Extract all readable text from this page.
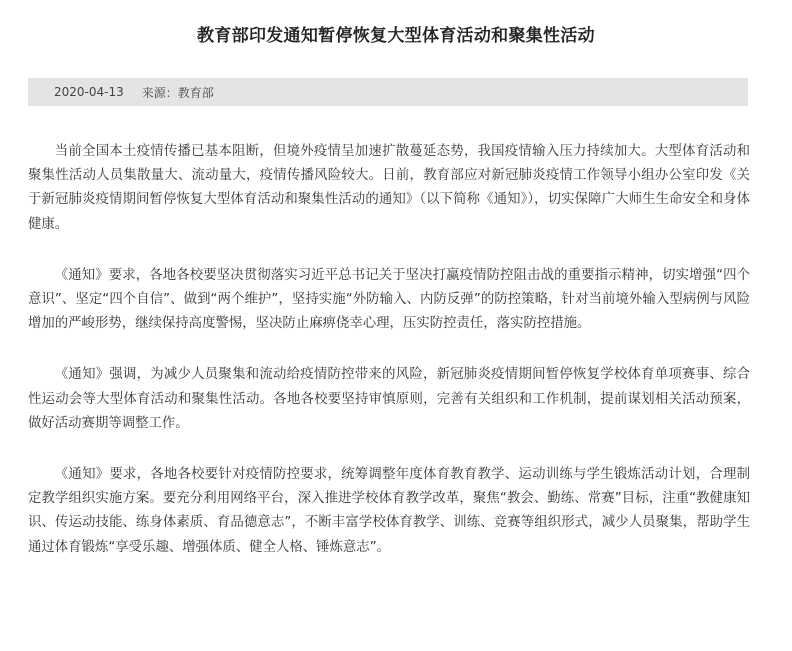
教育部印发通知暂停恢复大型体育活动和聚集性活动
2020-04-13 来源：教育部

当前全国本土疫情传播已基本阻断，但境外疫情呈加速扩散蔓延态势，我国疫情输入压力持续加大。大型体育活动和聚集性活动人员集散量大、流动量大，疫情传播风险较大。日前，教育部应对新冠肺炎疫情工作领导小组办公室印发《关于新冠肺炎疫情期间暂停恢复大型体育活动和聚集性活动的通知》（以下简称《通知》），切实保障广大师生生命安全和身体健康。

《通知》要求，各地各校要坚决贯彻落实习近平总书记关于坚决打赢疫情防控阻击战的重要指示精神，切实增强“四个意识”、坚定“四个自信”、做到“两个维护”，坚持实施“外防输入、内防反弹”的防控策略，针对当前境外输入型病例与风险增加的严峻形势，继续保持高度警惕，坚决防止麻痹侥幸心理，压实防控责任，落实防控措施。

《通知》强调，为减少人员聚集和流动给疫情防控带来的风险，新冠肺炎疫情期间暂停恢复学校体育单项赛事、综合性运动会等大型体育活动和聚集性活动。各地各校要坚持审慎原则，完善有关组织和工作机制，提前谋划相关活动预案，做好活动赛期等调整工作。

《通知》要求，各地各校要针对疫情防控要求，统筹调整年度体育教育教学、运动训练与学生锻炼活动计划，合理制定教学组织实施方案。要充分利用网络平台，深入推进学校体育教学改革，聚焦“教会、勤练、常赛”目标，注重“教健康知识、传运动技能、练身体素质、育品德意志”，不断丰富学校体育教学、训练、竞赛等组织形式，减少人员聚集，帮助学生通过体育锻炼“享受乐趣、增强体质、健全人格、锤炼意志”。
